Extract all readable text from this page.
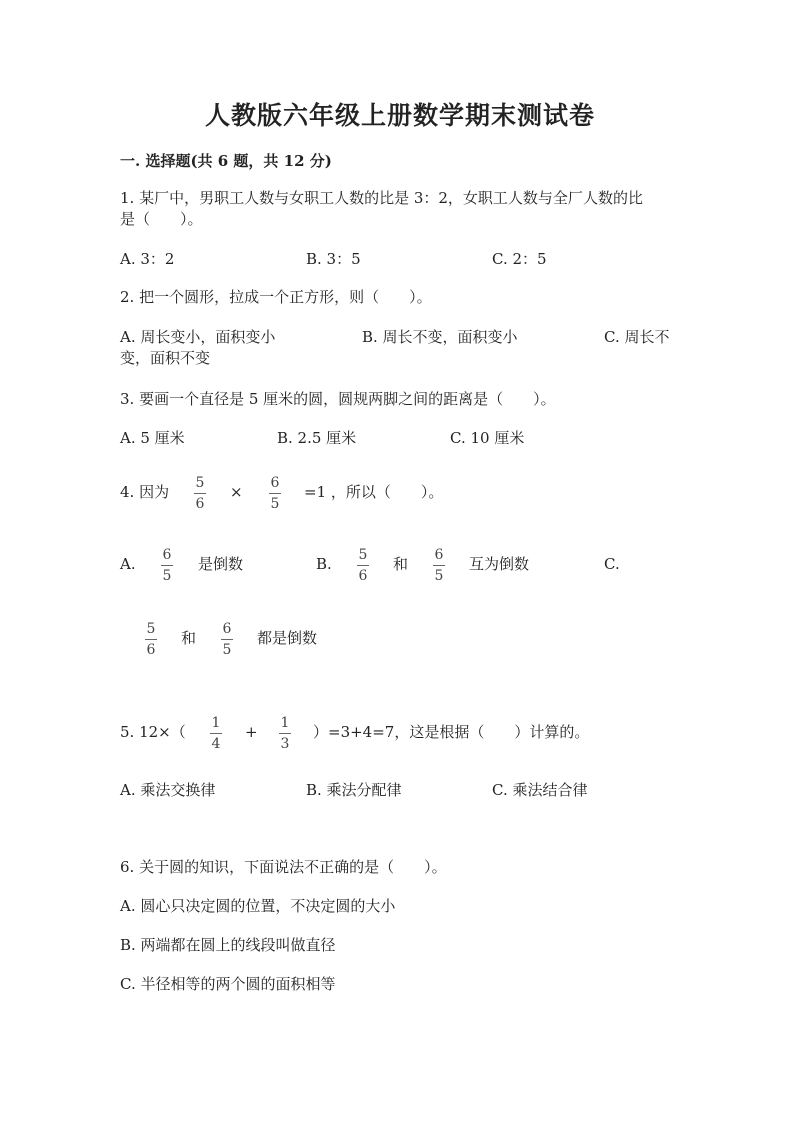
人教版六年级上册数学期末测试卷
一. 选择题(共 6 题，共 12 分)
1. 某厂中，男职工人数与女职工人数的比是 3：2，女职工人数与全厂人数的比
是（　　）。
A. 3：2	B. 3：5	C. 2：5
2. 把一个圆形，拉成一个正方形，则（　　）。
A. 周长变小，面积变小	B. 周长不变，面积变小	C. 周长不
变，面积不变
3. 要画一个直径是 5 厘米的圆，圆规两脚之间的距离是（　　）。
A. 5 厘米	B. 2.5 厘米	C. 10 厘米
4. 因为 5
6
× 6
5
=1 ，所以（　　）。
A. 6
5
是倒数	B. 5
6
和 6
5
互为倒数	C.
5
6
和 6
5
都是倒数
5. 12×（ 1
4
+ 1
3
）=3+4=7，这是根据（　　）计算的。
A. 乘法交换律	B. 乘法分配律	C. 乘法结合律
6. 关于圆的知识，下面说法不正确的是（　　）。
A. 圆心只决定圆的位置，不决定圆的大小
B. 两端都在圆上的线段叫做直径
C. 半径相等的两个圆的面积相等
